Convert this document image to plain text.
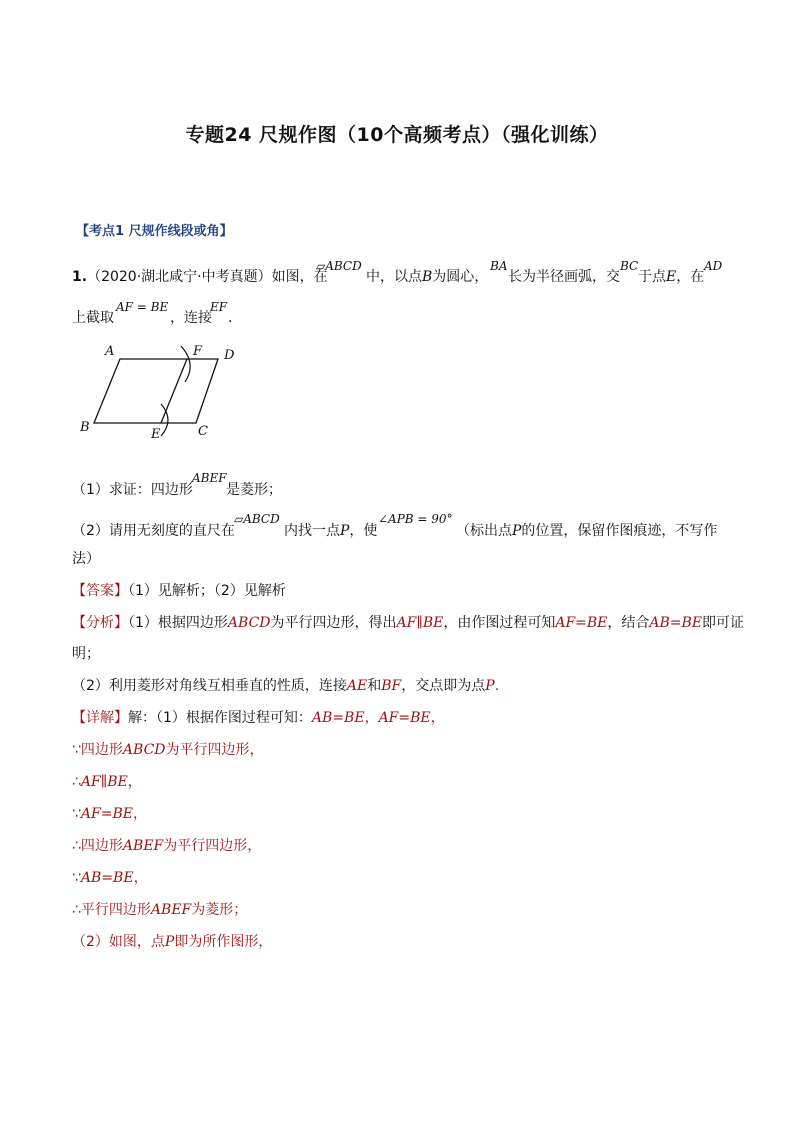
专题24 尺规作图（10个高频考点）（强化训练）
【考点1 尺规作线段或角】
1.（2020·湖北咸宁·中考真题）如图，在
▱ABCD
中，以点B为圆心，
BA
长为半径画弧，交
BC
于点E，在
AD
上截取
AF = BE
，连接
EF
.
A	F D
B	E	C
（1）求证：四边形
ABEF
是菱形；
（2）请用无刻度的直尺在
▱ABCD
内找一点P，使
∠APB = 90°
（标出点P的位置，保留作图痕迹，不写作
法）
【答案】（1）见解析；（2）见解析
【分析】（1）根据四边形ABCD为平行四边形，得出AF∥BE，由作图过程可知AF=BE，结合AB=BE即可证
明；
（2）利用菱形对角线互相垂直的性质，连接AE和BF，交点即为点P.
【详解】解：（1）根据作图过程可知：AB=BE，AF=BE，
∵四边形ABCD为平行四边形，
∴AF∥BE，
∵AF=BE，
∴四边形ABEF为平行四边形，
∵AB=BE，
∴平行四边形ABEF为菱形；
（2）如图，点P即为所作图形，
